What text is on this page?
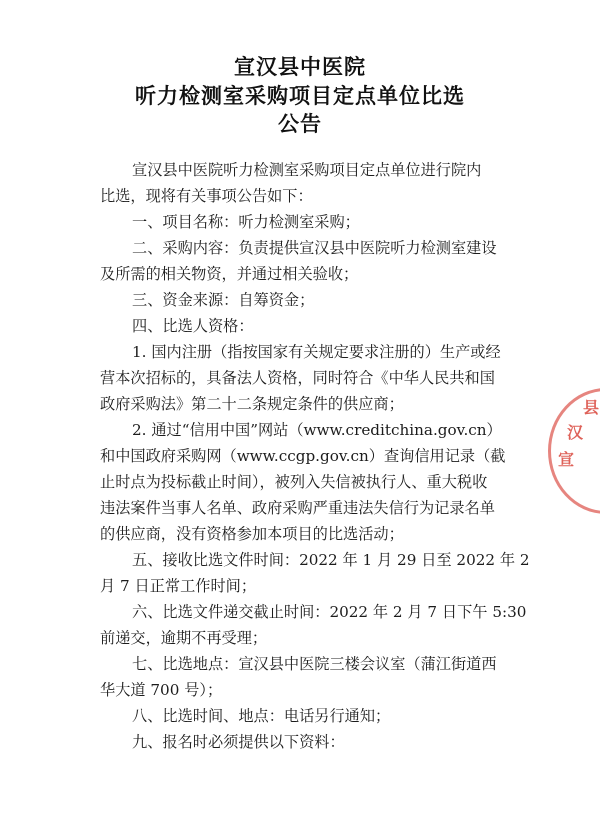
宣汉县中医院
听力检测室采购项目定点单位比选
公告
宣汉县中医院听力检测室采购项目定点单位进行院内
比选，现将有关事项公告如下：
一、项目名称：听力检测室采购；
二、采购内容：负责提供宣汉县中医院听力检测室建设
及所需的相关物资，并通过相关验收；
三、资金来源：自筹资金；
四、比选人资格：
1. 国内注册（指按国家有关规定要求注册的）生产或经
营本次招标的，具备法人资格，同时符合《中华人民共和国
政府采购法》第二十二条规定条件的供应商；
2. 通过“信用中国”网站（www.creditchina.gov.cn）
和中国政府采购网（www.ccgp.gov.cn）查询信用记录（截
止时点为投标截止时间），被列入失信被执行人、重大税收
违法案件当事人名单、政府采购严重违法失信行为记录名单
的供应商，没有资格参加本项目的比选活动；
五、接收比选文件时间：2022 年 1 月 29 日至 2022 年 2
月 7 日正常工作时间；
六、比选文件递交截止时间：2022 年 2 月 7 日下午 5:30
前递交，逾期不再受理；
七、比选地点：宣汉县中医院三楼会议室（蒲江街道西
华大道 700 号）；
八、比选时间、地点：电话另行通知；
九、报名时必须提供以下资料：
县
汉
宣
